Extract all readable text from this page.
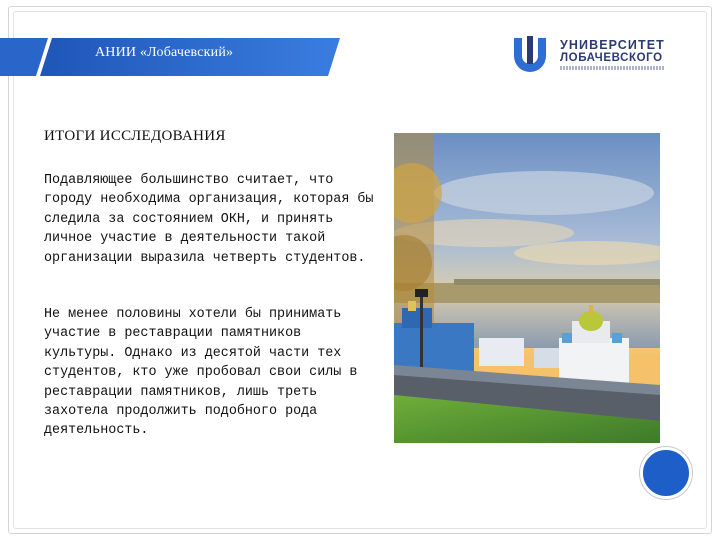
АНИИ «Лобачевский»	УНИВЕРСИТЕТ
ЛОБАЧЕВСКОГО
ИТОГИ ИССЛЕДОВАНИЯ

Подавляющее большинство считает, что городу необходима организация, которая бы следила за состоянием ОКН, и принять личное участие в деятельности такой организации выразила четверть студентов.

Не менее половины хотели бы принимать участие в реставрации памятников культуры. Однако из десятой части тех студентов, кто уже пробовал свои силы в реставрации памятников, лишь треть захотела продолжить подобного рода деятельность.
